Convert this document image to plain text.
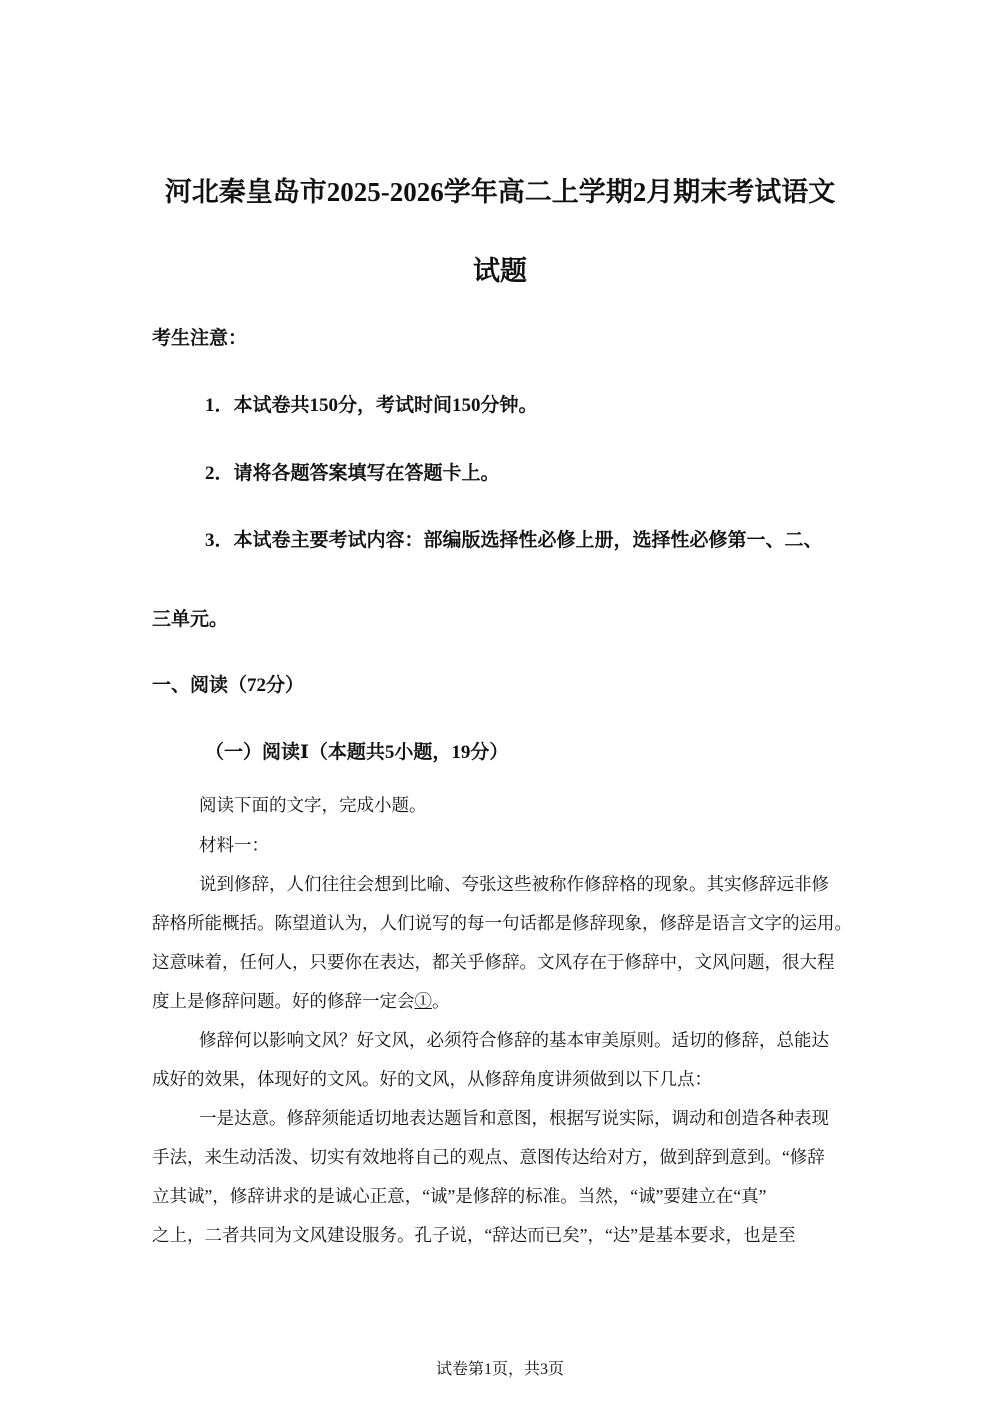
河北秦皇岛市2025-2026学年高二上学期2月期末考试语文
试题
考生注意：
1．本试卷共150分，考试时间150分钟。
2．请将各题答案填写在答题卡上。
3．本试卷主要考试内容：部编版选择性必修上册，选择性必修第一、二、
三单元。
一、阅读（72分）
（一）阅读Ⅰ（本题共5小题，19分）
阅读下面的文字，完成小题。
材料一：
说到修辞，人们往往会想到比喻、夸张这些被称作修辞格的现象。其实修辞远非修
辞格所能概括。陈望道认为，人们说写的每一句话都是修辞现象，修辞是语言文字的运用。
这意味着，任何人，只要你在表达，都关乎修辞。文风存在于修辞中，文风问题，很大程
度上是修辞问题。好的修辞一定会①。
修辞何以影响文风？好文风，必须符合修辞的基本审美原则。适切的修辞，总能达
成好的效果，体现好的文风。好的文风，从修辞角度讲须做到以下几点：
一是达意。修辞须能适切地表达题旨和意图，根据写说实际，调动和创造各种表现
手法，来生动活泼、切实有效地将自己的观点、意图传达给对方，做到辞到意到。“修辞
立其诚”，修辞讲求的是诚心正意，“诚”是修辞的标准。当然，“诚”要建立在“真”
之上，二者共同为文风建设服务。孔子说，“辞达而已矣”，“达”是基本要求，也是至
试卷第1页，共3页
